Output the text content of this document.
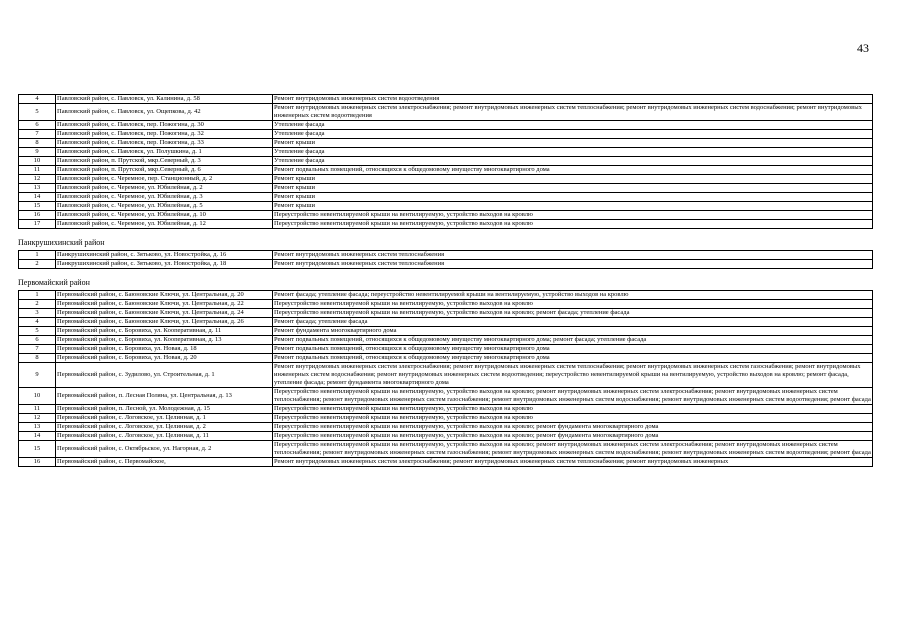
43
4	Павловский район, с. Павловск, ул. Калинина, д. 58	Ремонт внутридомовых инженерных систем водоотведения
5	Павловский район, с. Павловск, ул. Ощепкова, д. 42	Ремонт внутридомовых инженерных систем электроснабжения; ремонт внутридомовых инженерных систем теплоснабжения; ремонт внутридомовых инженерных систем водоснабжения; ремонт внутридомовых инженерных систем водоотведения
6	Павловский район, с. Павловск, пер. Пожогина, д. 30	Утепление фасада
7	Павловский район, с. Павловск, пер. Пожогина, д. 32	Утепление фасада
8	Павловский район, с. Павловск, пер. Пожогина, д. 33	Ремонт крыши
9	Павловский район, с. Павловск, ул. Полушкина, д. 1	Утепление фасада
10	Павловский район, п. Прутской, мкр.Северный, д. 3	Утепление фасада
11	Павловский район, п. Прутской, мкр.Северный, д. 6	Ремонт подвальных помещений, относящихся к общедомовому имуществу многоквартирного дома
12	Павловский район, с. Черемное, пер. Станционный, д. 2	Ремонт крыши
13	Павловский район, с. Черемное, ул. Юбилейная, д. 2	Ремонт крыши
14	Павловский район, с. Черемное, ул. Юбилейная, д. 3	Ремонт крыши
15	Павловский район, с. Черемное, ул. Юбилейная, д. 5	Ремонт крыши
16	Павловский район, с. Черемное, ул. Юбилейная, д. 10	Переустройство невентилируемой крыши на вентилируемую, устройство выходов на кровлю
17	Павловский район, с. Черемное, ул. Юбилейная, д. 12	Переустройство невентилируемой крыши на вентилируемую, устройство выходов на кровлю
Панкрушихинский район
1	Панкрушихинский район, с. Зятьково, ул. Новостройка, д. 16	Ремонт внутридомовых инженерных систем теплоснабжения
2	Панкрушихинский район, с. Зятьково, ул. Новостройка, д. 18	Ремонт внутридомовых инженерных систем теплоснабжения
Первомайский район
1	Первомайский район, с. Баюновские Ключи, ул. Центральная, д. 20	Ремонт фасада; утепление фасада; переустройство невентилируемой крыши на вентилируемую, устройство выходов на кровлю
2	Первомайский район, с. Баюновские Ключи, ул. Центральная, д. 22	Переустройство невентилируемой крыши на вентилируемую, устройство выходов на кровлю
3	Первомайский район, с. Баюновские Ключи, ул. Центральная, д. 24	Переустройство невентилируемой крыши на вентилируемую, устройство выходов на кровлю; ремонт фасада; утепление фасада
4	Первомайский район, с. Баюновские Ключи, ул. Центральная, д. 26	Ремонт фасада; утепление фасада
5	Первомайский район, с. Боровиха, ул. Кооперативная, д. 11	Ремонт фундамента многоквартирного дома
6	Первомайский район, с. Боровиха, ул. Кооперативная, д. 13	Ремонт подвальных помещений, относящихся к общедомовому имуществу многоквартирного дома; ремонт фасада; утепление фасада
7	Первомайский район, с. Боровиха, ул. Новая, д. 18	Ремонт подвальных помещений, относящихся к общедомовому имуществу многоквартирного дома
8	Первомайский район, с. Боровиха, ул. Новая, д. 20	Ремонт подвальных помещений, относящихся к общедомовому имуществу многоквартирного дома
9	Первомайский район, с. Зудилово, ул. Строительная, д. 1	Ремонт внутридомовых инженерных систем электроснабжения; ремонт внутридомовых инженерных систем теплоснабжения; ремонт внутридомовых инженерных систем газоснабжения; ремонт внутридомовых инженерных систем водоснабжения; ремонт внутридомовых инженерных систем водоотведения; переустройство невентилируемой крыши на вентилируемую, устройство выходов на кровлю; ремонт фасада, утепление фасада; ремонт фундамента многоквартирного дома
10	Первомайский район, п. Лесная Поляна, ул. Центральная, д. 13	Переустройство невентилируемой крыши на вентилируемую, устройство выходов на кровлю; ремонт внутридомовых инженерных систем электроснабжения; ремонт внутридомовых инженерных систем теплоснабжения; ремонт внутридомовых инженерных систем газоснабжения; ремонт внутридомовых инженерных систем водоснабжения; ремонт внутридомовых инженерных систем водоотведения; ремонт фасада
11	Первомайский район, п. Лесной, ул. Молодежная, д. 15	Переустройство невентилируемой крыши на вентилируемую, устройство выходов на кровлю
12	Первомайский район, с. Логовское, ул. Целинная, д. 1	Переустройство невентилируемой крыши на вентилируемую, устройство выходов на кровлю
13	Первомайский район, с. Логовское, ул. Целинная, д. 2	Переустройство невентилируемой крыши на вентилируемую, устройство выходов на кровлю; ремонт фундамента многоквартирного дома
14	Первомайский район, с. Логовское, ул. Целинная, д. 11	Переустройство невентилируемой крыши на вентилируемую, устройство выходов на кровлю; ремонт фундамента многоквартирного дома
15	Первомайский район, с. Октябрьское, ул. Нагорная, д. 2	Переустройство невентилируемой крыши на вентилируемую, устройство выходов на кровлю; ремонт внутридомовых инженерных систем электроснабжения; ремонт внутридомовых инженерных систем теплоснабжения; ремонт внутридомовых инженерных систем газоснабжения; ремонт внутридомовых инженерных систем водоснабжения; ремонт внутридомовых инженерных систем водоотведения; ремонт фасада
16	Первомайский район, с. Первомайское,	Ремонт внутридомовых инженерных систем электроснабжения; ремонт внутридомовых инженерных систем теплоснабжения; ремонт внутридомовых инженерных
